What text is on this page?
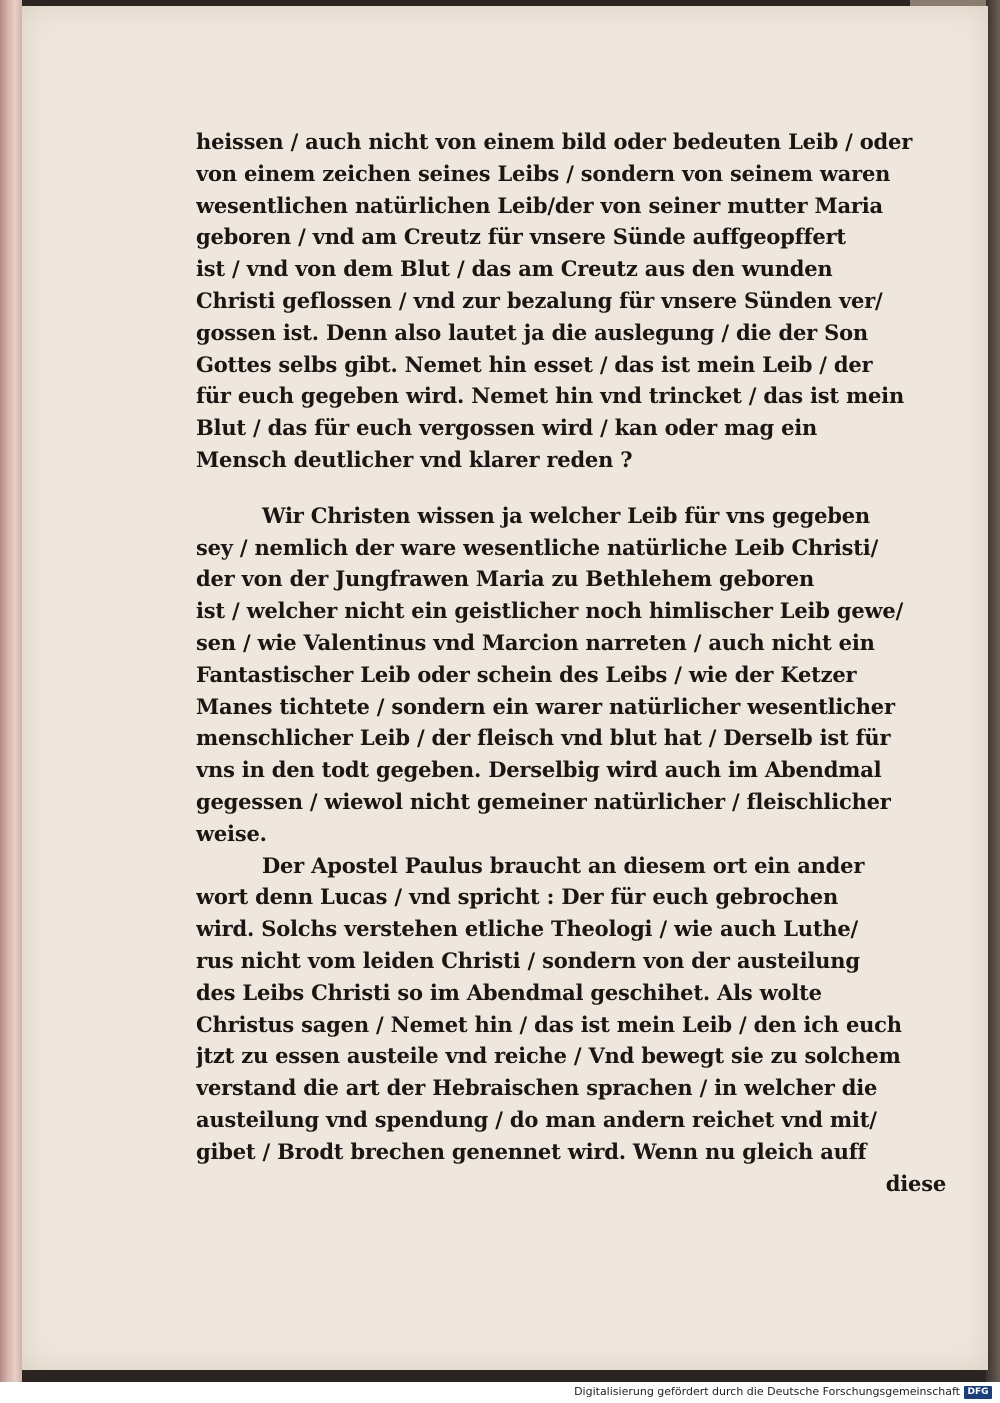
heissen / auch nicht von einem bild oder bedeuten Leib / oder
von einem zeichen seines Leibs / sondern von seinem waren
wesentlichen natürlichen Leib/der von seiner mutter Maria
geboren / vnd am Creutz für vnsere Sünde auffgeopffert
ist / vnd von dem Blut / das am Creutz aus den wunden
Christi geflossen / vnd zur bezalung für vnsere Sünden ver/
gossen ist. Denn also lautet ja die auslegung / die der Son
Gottes selbs gibt. Nemet hin esset / das ist mein Leib / der
für euch gegeben wird. Nemet hin vnd trincket / das ist mein
Blut / das für euch vergossen wird / kan oder mag ein
Mensch deutlicher vnd klarer reden ?
Wir Christen wissen ja welcher Leib für vns gegeben
sey / nemlich der ware wesentliche natürliche Leib Christi/
der von der Jungfrawen Maria zu Bethlehem geboren
ist / welcher nicht ein geistlicher noch himlischer Leib gewe/
sen / wie Valentinus vnd Marcion narreten / auch nicht ein
Fantastischer Leib oder schein des Leibs / wie der Ketzer
Manes tichtete / sondern ein warer natürlicher wesentlicher
menschlicher Leib / der fleisch vnd blut hat / Derselb ist für
vns in den todt gegeben. Derselbig wird auch im Abendmal
gegessen / wiewol nicht gemeiner natürlicher / fleischlicher
weise.
Der Apostel Paulus braucht an diesem ort ein ander
wort denn Lucas / vnd spricht : Der für euch gebrochen
wird. Solchs verstehen etliche Theologi / wie auch Luthe/
rus nicht vom leiden Christi / sondern von der austeilung
des Leibs Christi so im Abendmal geschihet. Als wolte
Christus sagen / Nemet hin / das ist mein Leib / den ich euch
jtzt zu essen austeile vnd reiche / Vnd bewegt sie zu solchem
verstand die art der Hebraischen sprachen / in welcher die
austeilung vnd spendung / do man andern reichet vnd mit/
gibet / Brodt brechen genennet wird. Wenn nu gleich auff
diese
Digitalisierung gefördert durch die Deutsche Forschungsgemeinschaft DFG
